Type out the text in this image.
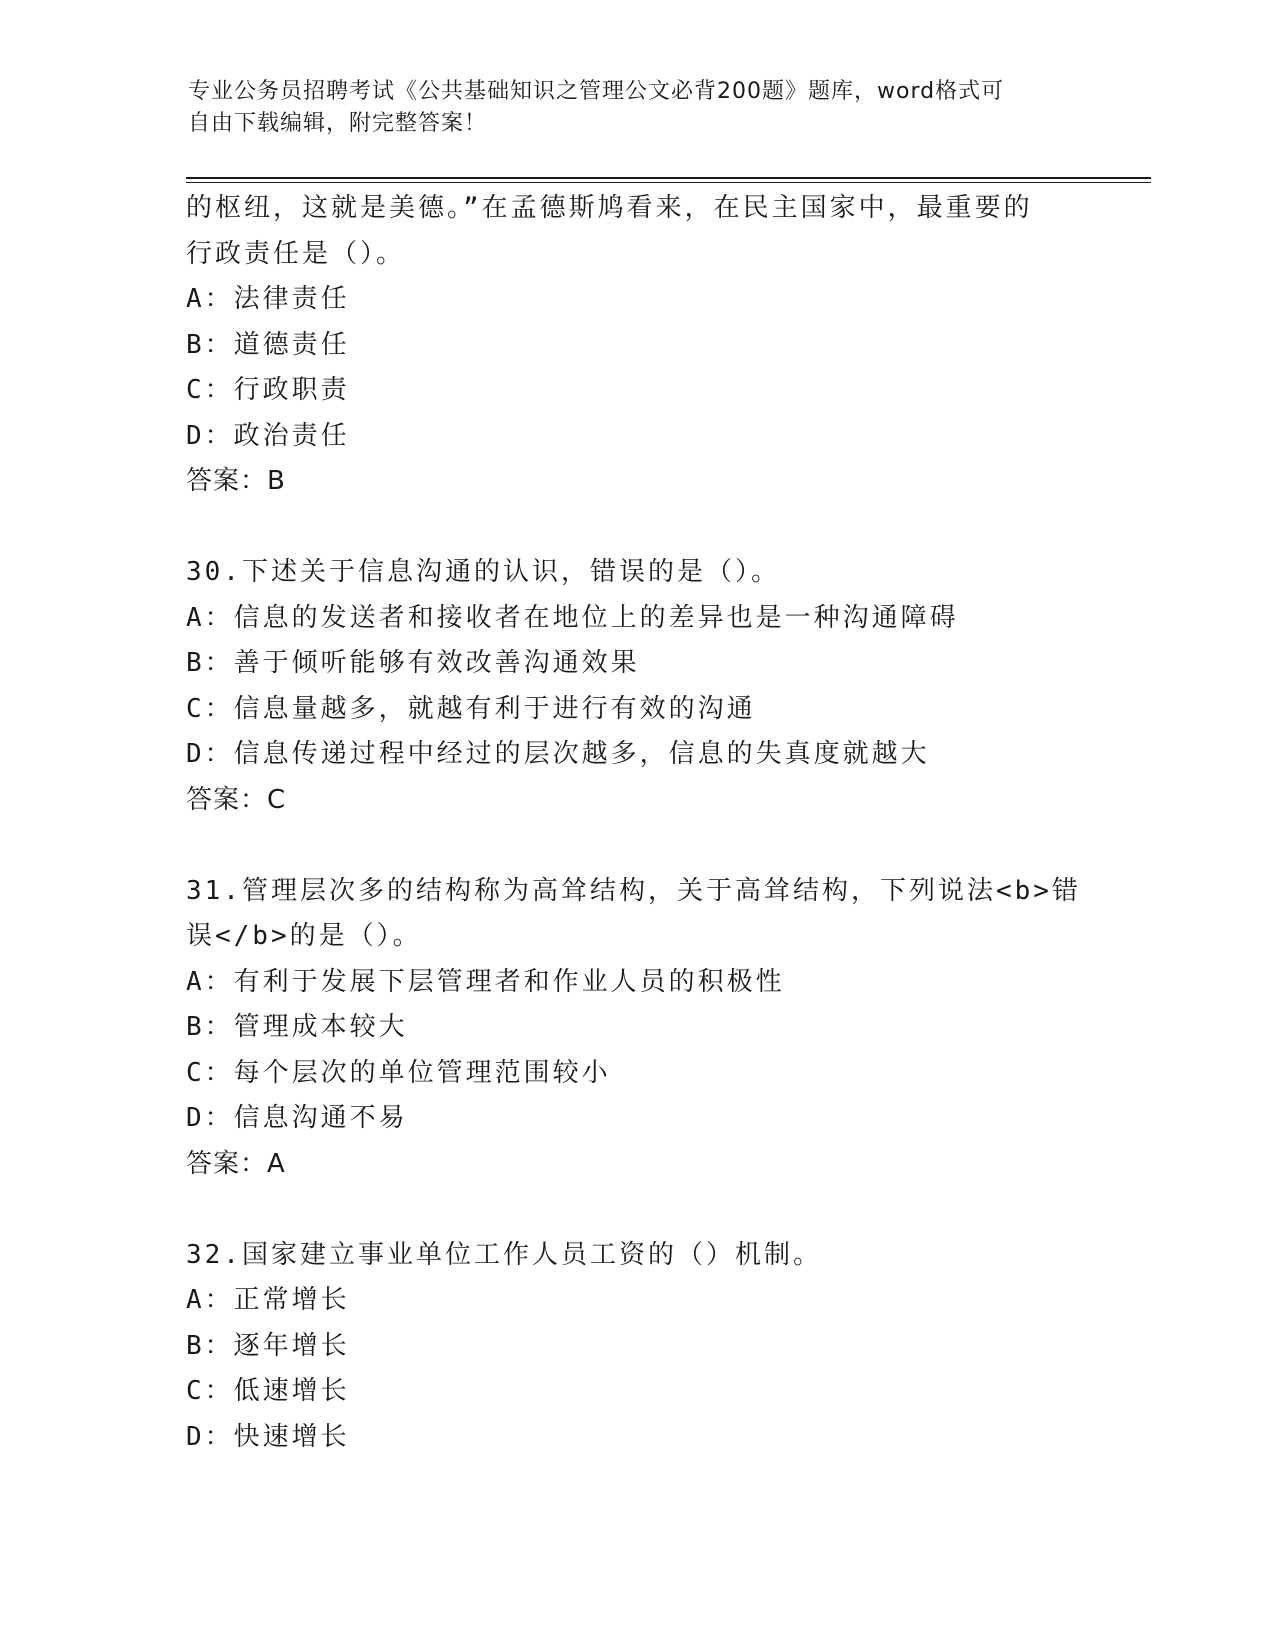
专业公务员招聘考试《公共基础知识之管理公文必背200题》题库，word格式可
自由下载编辑，附完整答案！
的枢纽，这就是美德。”在孟德斯鸠看来，在民主国家中，最重要的
行政责任是（）。
A：法律责任
B：道德责任
C：行政职责
D：政治责任
答案：B
30.下述关于信息沟通的认识，错误的是（）。
A：信息的发送者和接收者在地位上的差异也是一种沟通障碍
B：善于倾听能够有效改善沟通效果
C：信息量越多，就越有利于进行有效的沟通
D：信息传递过程中经过的层次越多，信息的失真度就越大
答案：C
31.管理层次多的结构称为高耸结构，关于高耸结构，下列说法<b>错
误</b>的是（）。
A：有利于发展下层管理者和作业人员的积极性
B：管理成本较大
C：每个层次的单位管理范围较小
D：信息沟通不易
答案：A
32.国家建立事业单位工作人员工资的（）机制。
A：正常增长
B：逐年增长
C：低速增长
D：快速增长
